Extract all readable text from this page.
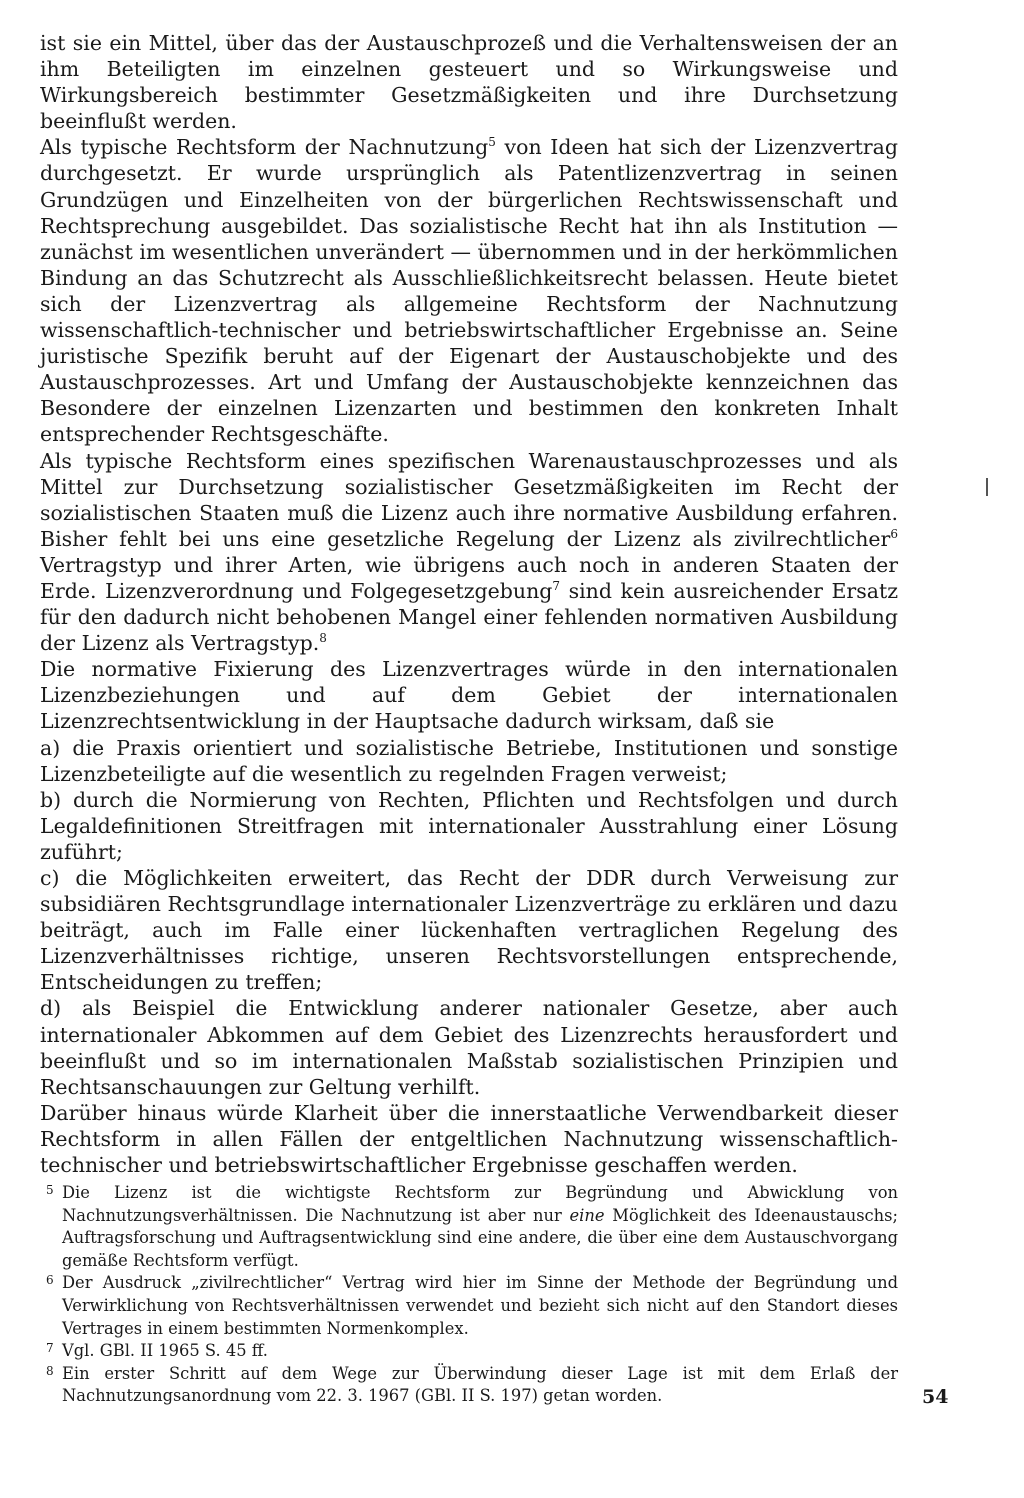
ist sie ein Mittel, über das der Austauschprozeß und die Verhaltensweisen der an ihm Beteiligten im einzelnen gesteuert und so Wirkungsweise und Wirkungsbereich bestimmter Gesetzmäßigkeiten und ihre Durchsetzung beeinflußt werden.

Als typische Rechtsform der Nachnutzung$^5$ von Ideen hat sich der Lizenzvertrag durchgesetzt. Er wurde ursprünglich als Patentlizenzvertrag in seinen Grundzügen und Einzelheiten von der bürgerlichen Rechtswissenschaft und Rechtsprechung ausgebildet. Das sozialistische Recht hat ihn als Institution — zunächst im wesentlichen unverändert — übernommen und in der herkömmlichen Bindung an das Schutzrecht als Ausschließlichkeitsrecht belassen. Heute bietet sich der Lizenzvertrag als allgemeine Rechtsform der Nachnutzung wissenschaftlich-technischer und betriebswirtschaftlicher Ergebnisse an. Seine juristische Spezifik beruht auf der Eigenart der Austauschobjekte und des Austauschprozesses. Art und Umfang der Austauschobjekte kennzeichnen das Besondere der einzelnen Lizenzarten und bestimmen den konkreten Inhalt entsprechender Rechtsgeschäfte.

Als typische Rechtsform eines spezifischen Warenaustauschprozesses und als Mittel zur Durchsetzung sozialistischer Gesetzmäßigkeiten im Recht der sozialistischen Staaten muß die Lizenz auch ihre normative Ausbildung erfahren. Bisher fehlt bei uns eine gesetzliche Regelung der Lizenz als zivilrechtlicher$^6$ Vertragstyp und ihrer Arten, wie übrigens auch noch in anderen Staaten der Erde. Lizenzverordnung und Folgegesetzgebung$^7$ sind kein ausreichender Ersatz für den dadurch nicht behobenen Mangel einer fehlenden normativen Ausbildung der Lizenz als Vertragstyp.$^8$

Die normative Fixierung des Lizenzvertrages würde in den internationalen Lizenzbeziehungen und auf dem Gebiet der internationalen Lizenzrechtsentwicklung in der Hauptsache dadurch wirksam, daß sie

a) die Praxis orientiert und sozialistische Betriebe, Institutionen und sonstige Lizenzbeteiligte auf die wesentlich zu regelnden Fragen verweist;

b) durch die Normierung von Rechten, Pflichten und Rechtsfolgen und durch Legaldefinitionen Streitfragen mit internationaler Ausstrahlung einer Lösung zuführt;

c) die Möglichkeiten erweitert, das Recht der DDR durch Verweisung zur subsidiären Rechtsgrundlage internationaler Lizenzverträge zu erklären und dazu beiträgt, auch im Falle einer lückenhaften vertraglichen Regelung des Lizenzverhältnisses richtige, unseren Rechtsvorstellungen entsprechende, Entscheidungen zu treffen;

d) als Beispiel die Entwicklung anderer nationaler Gesetze, aber auch internationaler Abkommen auf dem Gebiet des Lizenzrechts herausfordert und beeinflußt und so im internationalen Maßstab sozialistischen Prinzipien und Rechtsanschauungen zur Geltung verhilft.

Darüber hinaus würde Klarheit über die innerstaatliche Verwendbarkeit dieser Rechtsform in allen Fällen der entgeltlichen Nachnutzung wissenschaftlich-technischer und betriebswirtschaftlicher Ergebnisse geschaffen werden.

5 Die Lizenz ist die wichtigste Rechtsform zur Begründung und Abwicklung von Nachnutzungsverhältnissen. Die Nachnutzung ist aber nur eine Möglichkeit des Ideenaustauschs; Auftragsforschung und Auftragsentwicklung sind eine andere, die über eine dem Austauschvorgang gemäße Rechtsform verfügt.

6 Der Ausdruck „zivilrechtlicher“ Vertrag wird hier im Sinne der Methode der Begründung und Verwirklichung von Rechtsverhältnissen verwendet und bezieht sich nicht auf den Standort dieses Vertrages in einem bestimmten Normenkomplex.

7 Vgl. GBl. II 1965 S. 45 ff.

8 Ein erster Schritt auf dem Wege zur Überwindung dieser Lage ist mit dem Erlaß der Nachnutzungsanordnung vom 22. 3. 1967 (GBl. II S. 197) getan worden.	54
